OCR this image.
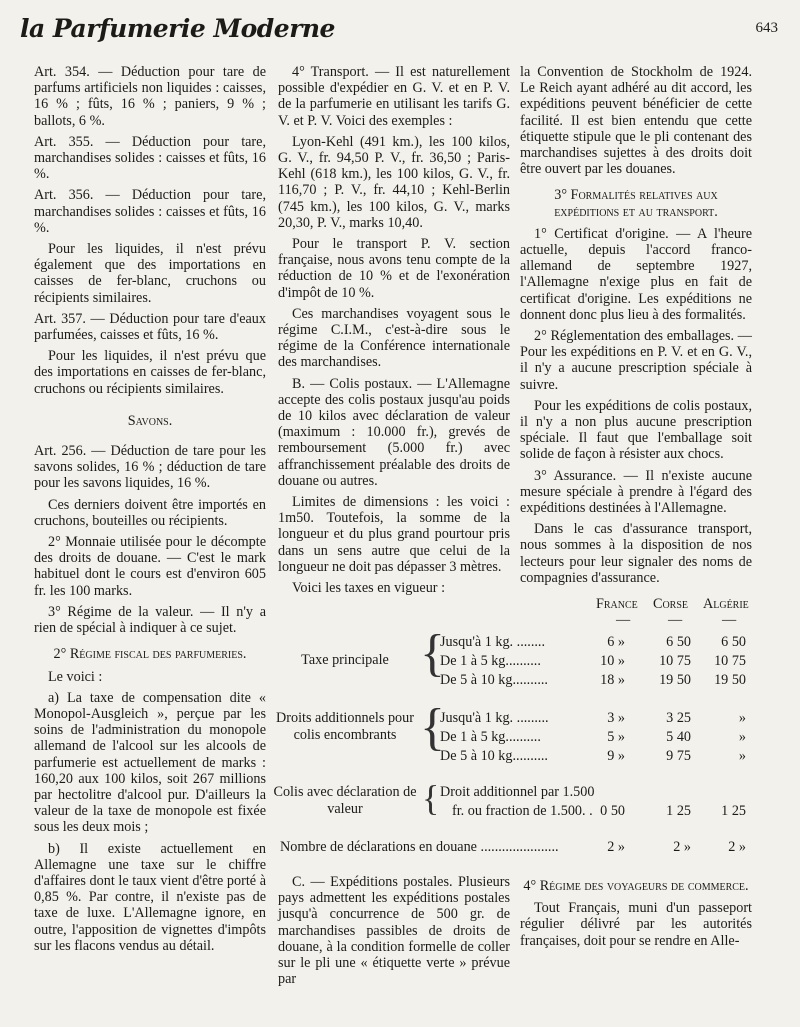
la Parfumerie Moderne	643

Art. 354. — Déduction pour tare de parfums artificiels non liquides : caisses, 16 % ; fûts, 16 % ; paniers, 9 % ; ballots, 6 %.

Art. 355. — Déduction pour tare, marchandises solides : caisses et fûts, 16 %.

Art. 356. — Déduction pour tare, marchandises solides : caisses et fûts, 16 %.

Pour les liquides, il n'est prévu également que des importations en caisses de fer-blanc, cruchons ou récipients similaires.

Art. 357. — Déduction pour tare d'eaux parfumées, caisses et fûts, 16 %.

Pour les liquides, il n'est prévu que des importations en caisses de fer-blanc, cruchons ou récipients similaires.

Savons.

Art. 256. — Déduction de tare pour les savons solides, 16 % ; déduction de tare pour les savons liquides, 16 %.

Ces derniers doivent être importés en cruchons, bouteilles ou récipients.

2° Monnaie utilisée pour le décompte des droits de douane. — C'est le mark habituel dont le cours est d'environ 605 fr. les 100 marks.

3° Régime de la valeur. — Il n'y a rien de spécial à indiquer à ce sujet.

2° Régime fiscal des parfumeries.

Le voici :

a) La taxe de compensation dite « Monopol-Ausgleich », perçue par les soins de l'administration du monopole allemand de l'alcool sur les alcools de parfumerie est actuellement de marks : 160,20 aux 100 kilos, soit 267 millions par hectolitre d'alcool pur. D'ailleurs la valeur de la taxe de monopole est fixée sous les deux mois ;

b) Il existe actuellement en Allemagne une taxe sur le chiffre d'affaires dont le taux vient d'être porté à 0,85 %. Par contre, il n'existe pas de taxe de luxe. L'Allemagne ignore, en outre, l'apposition de vignettes d'impôts sur les flacons vendus au détail.

4° Transport. — Il est naturellement possible d'expédier en G. V. et en P. V. de la parfumerie en utilisant les tarifs G. V. et P. V. Voici des exemples :

Lyon-Kehl (491 km.), les 100 kilos, G. V., fr. 94,50 P. V., fr. 36,50 ; Paris-Kehl (618 km.), les 100 kilos, G. V., fr. 116,70 ; P. V., fr. 44,10 ; Kehl-Berlin (745 km.), les 100 kilos, G. V., marks 20,30, P. V., marks 10,40.

Pour le transport P. V. section française, nous avons tenu compte de la réduction de 10 % et de l'exonération d'impôt de 10 %.

Ces marchandises voyagent sous le régime C.I.M., c'est-à-dire sous le régime de la Conférence internationale des marchandises.

B. — Colis postaux. — L'Allemagne accepte des colis postaux jusqu'au poids de 10 kilos avec déclaration de valeur (maximum : 10.000 fr.), grevés de remboursement (5.000 fr.) avec affranchissement préalable des droits de douane ou autres.

Limites de dimensions : les voici : 1m50. Toutefois, la somme de la longueur et du plus grand pourtour pris dans un sens autre que celui de la longueur ne doit pas dépasser 3 mètres.

Voici les taxes en vigueur :

la Convention de Stockholm de 1924. Le Reich ayant adhéré au dit accord, les expéditions peuvent bénéficier de cette facilité. Il est bien entendu que cette étiquette stipule que le pli contenant des marchandises sujettes à des droits doit être ouvert par les douanes.

3° Formalités relatives aux expéditions et au transport.

1° Certificat d'origine. — A l'heure actuelle, depuis l'accord franco-allemand de septembre 1927, l'Allemagne n'exige plus en fait de certificat d'origine. Les expéditions ne donnent donc plus lieu à des formalités.

2° Réglementation des emballages. — Pour les expéditions en P. V. et en G. V., il n'y a aucune prescription spéciale à suivre.

Pour les expéditions de colis postaux, il n'y a non plus aucune prescription spéciale. Il faut que l'emballage soit solide de façon à résister aux chocs.

3° Assurance. — Il n'existe aucune mesure spéciale à prendre à l'égard des expéditions destinées à l'Allemagne.

Dans le cas d'assurance transport, nous sommes à la disposition de nos lecteurs pour leur signaler des noms de compagnies d'assurance.

France Corse Algérie
—	—	—
Taxe principale {
Jusqu'à 1 kg. ........	6 »	6 50	6 50
De 1 à 5 kg..........	10 »	10 75	10 75
De 5 à 10 kg..........	18 »	19 50	19 50
Droits additionnels pour colis encombrants {
Jusqu'à 1 kg. .........	3 »	3 25	»
De 1 à 5 kg..........	5 »	5 40	»
De 5 à 10 kg..........	9 »	9 75	»
Colis avec déclaration de valeur	{ Droit additionnel par 1.500
fr. ou fraction de 1.500. . 0 50	1 25	1 25
Nombre de déclarations en douane ......................	2 »	2 »	2 »

C. — Expéditions postales. Plusieurs pays admettent les expéditions postales jusqu'à concurrence de 500 gr. de marchandises passibles de droits de douane, à la condition formelle de coller sur le pli une « étiquette verte » prévue par

4° Régime des voyageurs de commerce.

Tout Français, muni d'un passeport régulier délivré par les autorités françaises, doit pour se rendre en Alle-
